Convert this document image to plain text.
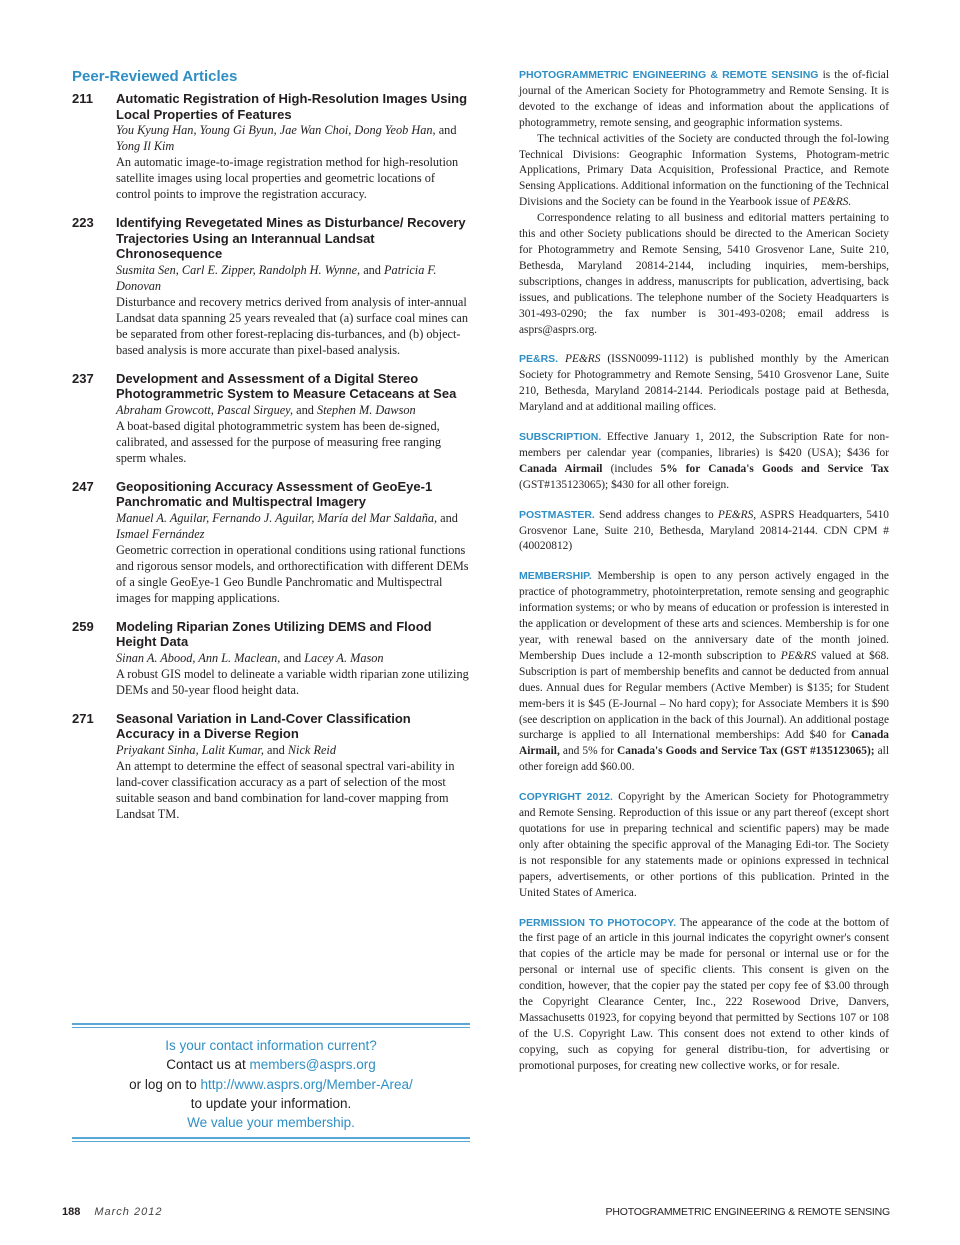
Peer-Reviewed Articles
211	Automatic Registration of High-Resolution Images Using Local Properties of Features
You Kyung Han, Young Gi Byun, Jae Wan Choi, Dong Yeob Han, and Yong Il Kim
An automatic image-to-image registration method for high-resolution satellite images using local properties and geometric locations of control points to improve the registration accuracy.
223	Identifying Revegetated Mines as Disturbance/ Recovery Trajectories Using an Interannual Landsat Chronosequence
Susmita Sen, Carl E. Zipper, Randolph H. Wynne, and Patricia F. Donovan
Disturbance and recovery metrics derived from analysis of inter-annual Landsat data spanning 25 years revealed that (a) surface coal mines can be separated from other forest-replacing dis-turbances, and (b) object-based analysis is more accurate than pixel-based analysis.
237	Development and Assessment of a Digital Stereo Photogrammetric System to Measure Cetaceans at Sea
Abraham Growcott, Pascal Sirguey, and Stephen M. Dawson
A boat-based digital photogrammetric system has been de-signed, calibrated, and assessed for the purpose of measuring free ranging sperm whales.
247	Geopositioning Accuracy Assessment of GeoEye-1 Panchromatic and Multispectral Imagery
Manuel A. Aguilar, Fernando J. Aguilar, María del Mar Saldaña, and Ismael Fernández
Geometric correction in operational conditions using rational functions and rigorous sensor models, and orthorectification with different DEMs of a single GeoEye-1 Geo Bundle Panchromatic and Multispectral images for mapping applications.
259	Modeling Riparian Zones Utilizing DEMS and Flood Height Data
Sinan A. Abood, Ann L. Maclean, and Lacey A. Mason
A robust GIS model to delineate a variable width riparian zone utilizing DEMs and 50-year flood height data.
271	Seasonal Variation in Land-Cover Classification Accuracy in a Diverse Region
Priyakant Sinha, Lalit Kumar, and Nick Reid
An attempt to determine the effect of seasonal spectral vari-ability in land-cover classification accuracy as a part of selection of the most suitable season and band combination for land-cover mapping from Landsat TM.
Is your contact information current?
Contact us at members@asprs.org
or log on to http://www.asprs.org/Member-Area/
to update your information.
We value your membership.

PHOTOGRAMMETRIC ENGINEERING & REMOTE SENSING is the of-ficial journal of the American Society for Photogrammetry and Remote Sensing. It is devoted to the exchange of ideas and information about the applications of photogrammetry, remote sensing, and geographic information systems.

The technical activities of the Society are conducted through the fol-lowing Technical Divisions: Geographic Information Systems, Photogram-metric Applications, Primary Data Acquisition, Professional Practice, and Remote Sensing Applications. Additional information on the functioning of the Technical Divisions and the Society can be found in the Yearbook issue of PE&RS.

Correspondence relating to all business and editorial matters pertaining to this and other Society publications should be directed to the American Society for Photogrammetry and Remote Sensing, 5410 Grosvenor Lane, Suite 210, Bethesda, Maryland 20814-2144, including inquiries, mem-berships, subscriptions, changes in address, manuscripts for publication, advertising, back issues, and publications. The telephone number of the Society Headquarters is 301-493-0290; the fax number is 301-493-0208; email address is asprs@asprs.org.

PE&RS. PE&RS (ISSN0099-1112) is published monthly by the American Society for Photogrammetry and Remote Sensing, 5410 Grosvenor Lane, Suite 210, Bethesda, Maryland 20814-2144. Periodicals postage paid at Bethesda, Maryland and at additional mailing offices.

SUBSCRIPTION. Effective January 1, 2012, the Subscription Rate for non-members per calendar year (companies, libraries) is $420 (USA); $436 for Canada Airmail (includes 5% for Canada's Goods and Service Tax (GST#135123065); $430 for all other foreign.

POSTMASTER. Send address changes to PE&RS, ASPRS Headquarters, 5410 Grosvenor Lane, Suite 210, Bethesda, Maryland 20814-2144. CDN CPM #(40020812)

MEMBERSHIP. Membership is open to any person actively engaged in the practice of photogrammetry, photointerpretation, remote sensing and geographic information systems; or who by means of education or profession is interested in the application or development of these arts and sciences. Membership is for one year, with renewal based on the anniversary date of the month joined. Membership Dues include a 12-month subscription to PE&RS valued at $68. Subscription is part of membership benefits and cannot be deducted from annual dues. Annual dues for Regular members (Active Member) is $135; for Student mem-bers it is $45 (E-Journal – No hard copy); for Associate Members it is $90 (see description on application in the back of this Journal). An additional postage surcharge is applied to all International memberships: Add $40 for Canada Airmail, and 5% for Canada's Goods and Service Tax (GST #135123065); all other foreign add $60.00.

COPYRIGHT 2012. Copyright by the American Society for Photogrammetry and Remote Sensing. Reproduction of this issue or any part thereof (except short quotations for use in preparing technical and scientific papers) may be made only after obtaining the specific approval of the Managing Edi-tor. The Society is not responsible for any statements made or opinions expressed in technical papers, advertisements, or other portions of this publication. Printed in the United States of America.

PERMISSION TO PHOTOCOPY. The appearance of the code at the bottom of the first page of an article in this journal indicates the copyright owner's consent that copies of the article may be made for personal or internal use or for the personal or internal use of specific clients. This consent is given on the condition, however, that the copier pay the stated per copy fee of $3.00 through the Copyright Clearance Center, Inc., 222 Rosewood Drive, Danvers, Massachusetts 01923, for copying beyond that permitted by Sections 107 or 108 of the U.S. Copyright Law. This consent does not extend to other kinds of copying, such as copying for general distribu-tion, for advertising or promotional purposes, for creating new collective works, or for resale.

188 March 2012	PHOTOGRAMMETRIC ENGINEERING & REMOTE SENSING
